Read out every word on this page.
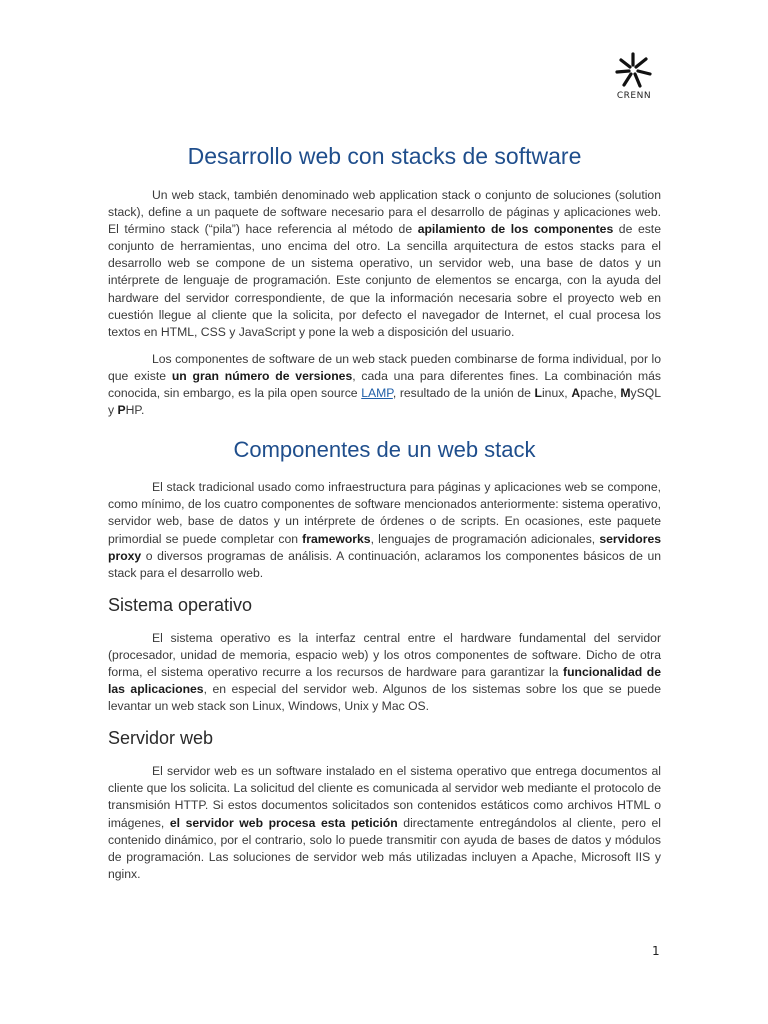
CRENN
Desarrollo web con stacks de software

Un web stack, también denominado web application stack o conjunto de soluciones (solution stack), define a un paquete de software necesario para el desarrollo de páginas y aplicaciones web. El término stack (“pila”) hace referencia al método de apilamiento de los componentes de este conjunto de herramientas, uno encima del otro. La sencilla arquitectura de estos stacks para el desarrollo web se compone de un sistema operativo, un servidor web, una base de datos y un intérprete de lenguaje de programación. Este conjunto de elementos se encarga, con la ayuda del hardware del servidor correspondiente, de que la información necesaria sobre el proyecto web en cuestión llegue al cliente que la solicita, por defecto el navegador de Internet, el cual procesa los textos en HTML, CSS y JavaScript y pone la web a disposición del usuario.

Los componentes de software de un web stack pueden combinarse de forma individual, por lo que existe un gran número de versiones, cada una para diferentes fines. La combinación más conocida, sin embargo, es la pila open source LAMP, resultado de la unión de Linux, Apache, MySQL y PHP.

Componentes de un web stack

El stack tradicional usado como infraestructura para páginas y aplicaciones web se compone, como mínimo, de los cuatro componentes de software mencionados anteriormente: sistema operativo, servidor web, base de datos y un intérprete de órdenes o de scripts. En ocasiones, este paquete primordial se puede completar con frameworks, lenguajes de programación adicionales, servidores proxy o diversos programas de análisis. A continuación, aclaramos los componentes básicos de un stack para el desarrollo web.

Sistema operativo

El sistema operativo es la interfaz central entre el hardware fundamental del servidor (procesador, unidad de memoria, espacio web) y los otros componentes de software. Dicho de otra forma, el sistema operativo recurre a los recursos de hardware para garantizar la funcionalidad de las aplicaciones, en especial del servidor web. Algunos de los sistemas sobre los que se puede levantar un web stack son Linux, Windows, Unix y Mac OS.

Servidor web

El servidor web es un software instalado en el sistema operativo que entrega documentos al cliente que los solicita. La solicitud del cliente es comunicada al servidor web mediante el protocolo de transmisión HTTP. Si estos documentos solicitados son contenidos estáticos como archivos HTML o imágenes, el servidor web procesa esta petición directamente entregándolos al cliente, pero el contenido dinámico, por el contrario, solo lo puede transmitir con ayuda de bases de datos y módulos de programación. Las soluciones de servidor web más utilizadas incluyen a Apache, Microsoft IIS y nginx.

1
